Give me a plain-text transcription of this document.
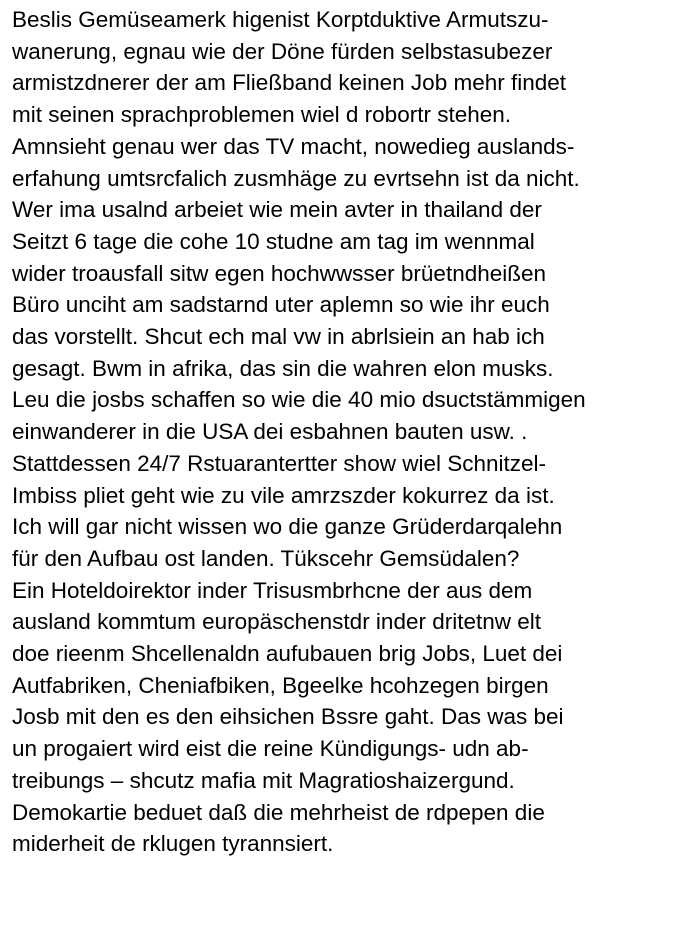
Beslis Gemüseamerk higenist Korptduktive Armutszu-
wanerung, egnau wie der Döne fürden selbstasubezer
armistzdnerer der am Fließband keinen Job mehr findet
mit seinen sprachproblemen wiel d robortr stehen.
Amnsieht genau wer das TV macht, nowedieg auslands-
erfahung umtsrcfalich zusmhäge zu evrtsehn ist da nicht.
Wer ima usalnd arbeiet wie mein avter in thailand der
Seitzt 6 tage die cohe 10 studne am tag im wennmal
wider troausfall sitw egen hochwwsser brüetndheißen
Büro unciht am sadstarnd uter aplemn so wie ihr euch
das vorstellt. Shcut ech mal vw in abrlsiein an hab ich
gesagt. Bwm in afrika, das sin die wahren elon musks.
Leu die josbs schaffen so wie die 40 mio dsuctstämmigen
einwanderer in die USA dei esbahnen bauten usw. .
Stattdessen 24/7 Rstuarantertter show wiel Schnitzel-
Imbiss pliet geht wie zu vile amrzszder kokurrez da ist.
Ich will gar nicht wissen wo die ganze Grüderdarqalehn
für den Aufbau ost landen. Tükscehr Gemsüdalen?
Ein Hoteldoirektor inder Trisusmbrhcne der aus dem
ausland kommtum europäschenstdr inder dritetnw elt
doe rieenm Shcellenaldn aufubauen brig Jobs, Luet dei
Autfabriken, Cheniafbiken, Bgeelke hcohzegen birgen
Josb mit den es den eihsichen Bssre gaht. Das was bei
un progaiert wird eist die reine Kündigungs- udn ab-
treibungs – shcutz mafia mit Magratioshaizergund.
Demokartie beduet daß die mehrheist de rdpepen die
miderheit de rklugen tyrannsiert.
